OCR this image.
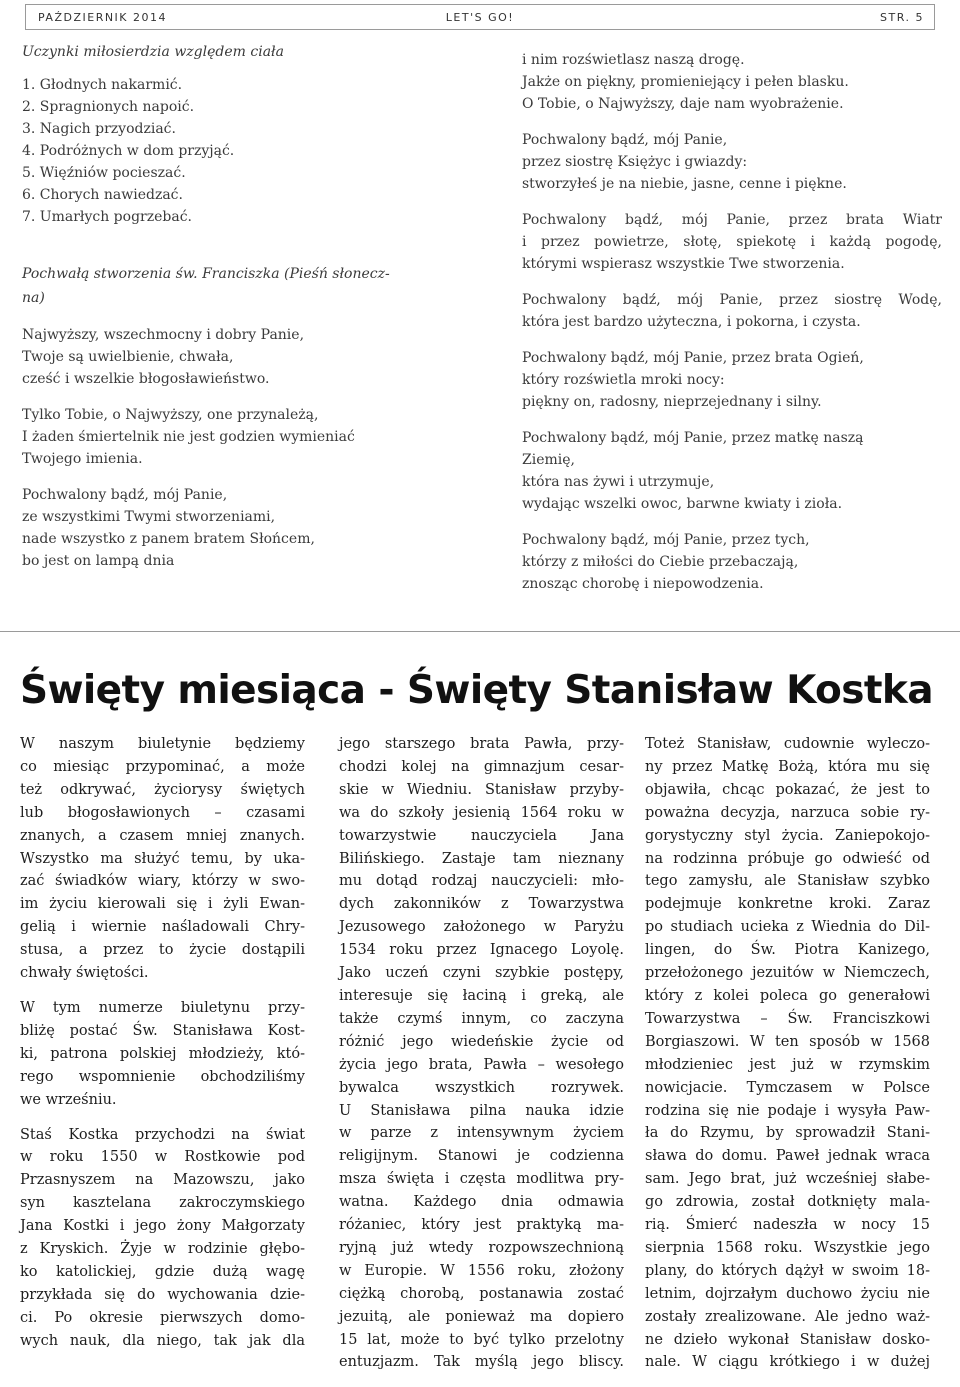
PAŹDZIERNIK 2014	LET'S GO!	STR. 5
Uczynki miłosierdzia względem ciała
1. Głodnych nakarmić.
2. Spragnionych napoić.
3. Nagich przyodziać.
4. Podróżnych w dom przyjąć.
5. Więźniów pocieszać.
6. Chorych nawiedzać.
7. Umarłych pogrzebać.
Pochwałą stworzenia św. Franciszka (Pieśń słonecz-
na)
Najwyższy, wszechmocny i dobry Panie,
Twoje są uwielbienie, chwała,
cześć i wszelkie błogosławieństwo.
Tylko Tobie, o Najwyższy, one przynależą,
I żaden śmiertelnik nie jest godzien wymieniać
Twojego imienia.
Pochwalony bądź, mój Panie,
ze wszystkimi Twymi stworzeniami,
nade wszystko z panem bratem Słońcem,
bo jest on lampą dnia
i nim rozświetlasz naszą drogę.
Jakże on piękny, promieniejący i pełen blasku.
O Tobie, o Najwyższy, daje nam wyobrażenie.
Pochwalony bądź, mój Panie,
przez siostrę Księżyc i gwiazdy:
stworzyłeś je na niebie, jasne, cenne i piękne.
Pochwalony bądź, mój Panie, przez brata Wiatr
i przez powietrze, słotę, spiekotę i każdą pogodę,
którymi wspierasz wszystkie Twe stworzenia.
Pochwalony bądź, mój Panie, przez siostrę Wodę,
która jest bardzo użyteczna, i pokorna, i czysta.
Pochwalony bądź, mój Panie, przez brata Ogień,
który rozświetla mroki nocy:
piękny on, radosny, nieprzejednany i silny.
Pochwalony bądź, mój Panie, przez matkę naszą
Ziemię,
która nas żywi i utrzymuje,
wydając wszelki owoc, barwne kwiaty i zioła.
Pochwalony bądź, mój Panie, przez tych,
którzy z miłości do Ciebie przebaczają,
znosząc chorobę i niepowodzenia.
Święty miesiąca - Święty Stanisław Kostka
W naszym biuletynie będziemy
co miesiąc przypominać, a może
też odkrywać, życiorysy świętych
lub błogosławionych – czasami
znanych, a czasem mniej znanych.
Wszystko ma służyć temu, by uka-
zać świadków wiary, którzy w swo-
im życiu kierowali się i żyli Ewan-
gelią i wiernie naśladowali Chry-
stusa, a przez to życie dostąpili
chwały świętości.
W tym numerze biuletynu przy-
bliżę postać Św. Stanisława Kost-
ki, patrona polskiej młodzieży, któ-
rego wspomnienie obchodziliśmy
we wrześniu.
Staś Kostka przychodzi na świat
w roku 1550 w Rostkowie pod
Przasnyszem na Mazowszu, jako
syn kasztelana zakroczymskiego
Jana Kostki i jego żony Małgorzaty
z Kryskich. Żyje w rodzinie głębo-
ko katolickiej, gdzie dużą wagę
przykłada się do wychowania dzie-
ci. Po okresie pierwszych domo-
wych nauk, dla niego, tak jak dla
jego starszego brata Pawła, przy-
chodzi kolej na gimnazjum cesar-
skie w Wiedniu. Stanisław przyby-
wa do szkoły jesienią 1564 roku w
towarzystwie nauczyciela Jana
Bilińskiego. Zastaje tam nieznany
mu dotąd rodzaj nauczycieli: mło-
dych zakonników z Towarzystwa
Jezusowego założonego w Paryżu
1534 roku przez Ignacego Loyolę.
Jako uczeń czyni szybkie postępy,
interesuje się łaciną i greką, ale
także czymś innym, co zaczyna
różnić jego wiedeńskie życie od
życia jego brata, Pawła – wesołego
bywalca wszystkich rozrywek.
U Stanisława pilna nauka idzie
w parze z intensywnym życiem
religijnym. Stanowi je codzienna
msza święta i częsta modlitwa pry-
watna. Każdego dnia odmawia
różaniec, który jest praktyką ma-
ryjną już wtedy rozpowszechnioną
w Europie. W 1556 roku, złożony
ciężką chorobą, postanawia zostać
jezuitą, ale ponieważ ma dopiero
15 lat, może to być tylko przelotny
entuzjazm. Tak myślą jego bliscy.
Toteż Stanisław, cudownie wyleczo-
ny przez Matkę Bożą, która mu się
objawiła, chcąc pokazać, że jest to
poważna decyzja, narzuca sobie ry-
gorystyczny styl życia. Zaniepokojo-
na rodzinna próbuje go odwieść od
tego zamysłu, ale Stanisław szybko
podejmuje konkretne kroki. Zaraz
po studiach ucieka z Wiednia do Dil-
lingen, do Św. Piotra Kanizego,
przełożonego jezuitów w Niemczech,
który z kolei poleca go generałowi
Towarzystwa – Św. Franciszkowi
Borgiaszowi. W ten sposób w 1568
młodzieniec jest już w rzymskim
nowicjacie. Tymczasem w Polsce
rodzina się nie podaje i wysyła Paw-
ła do Rzymu, by sprowadził Stani-
sława do domu. Paweł jednak wraca
sam. Jego brat, już wcześniej słabe-
go zdrowia, został dotknięty mala-
rią. Śmierć nadeszła w nocy 15
sierpnia 1568 roku. Wszystkie jego
plany, do których dążył w swoim 18-
letnim, dojrzałym duchowo życiu nie
zostały zrealizowane. Ale jedno waż-
ne dzieło wykonał Stanisław dosko-
nale. W ciągu krótkiego i w dużej
